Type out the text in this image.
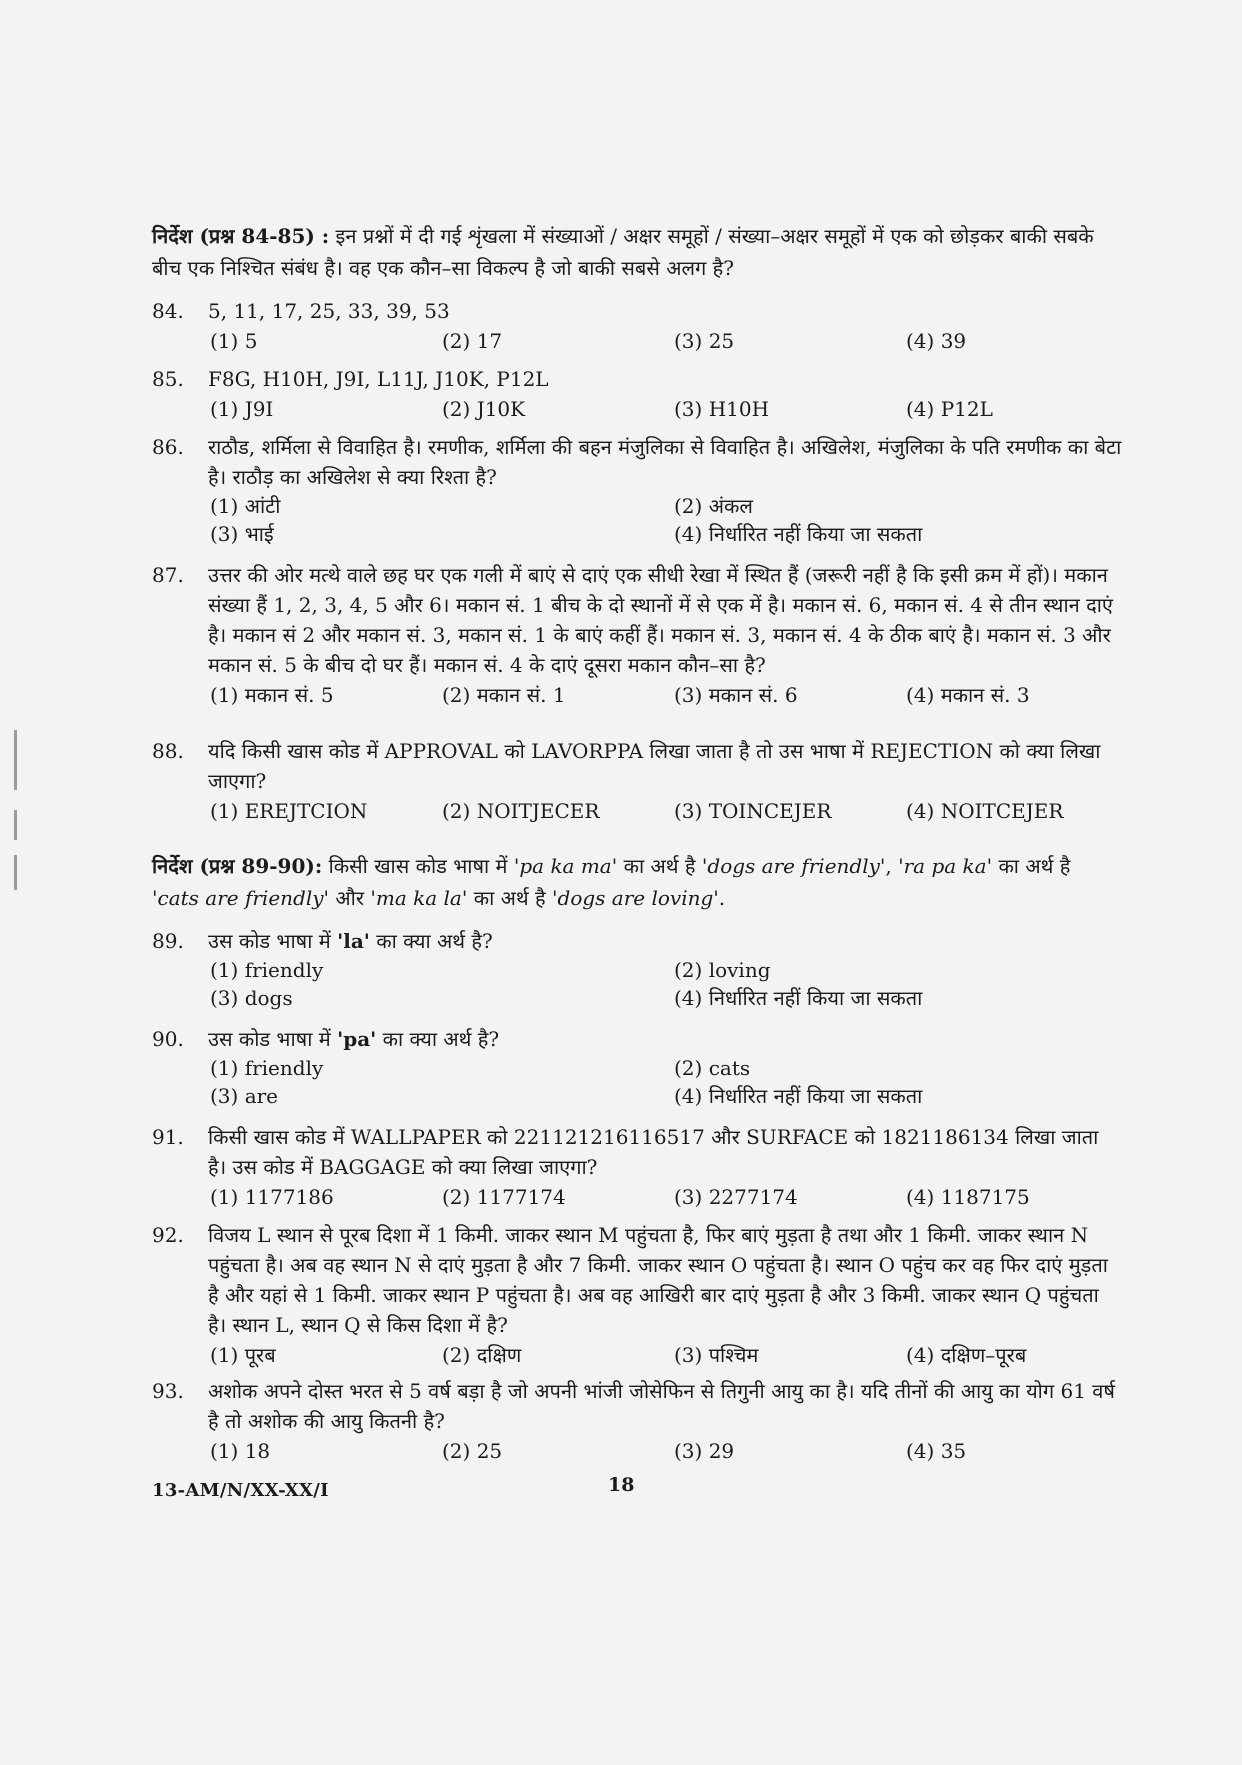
निर्देश (प्रश्न 84-85) : इन प्रश्नों में दी गई शृंखला में संख्याओं / अक्षर समूहों / संख्या–अक्षर समूहों में एक को छोड़कर बाकी सबके बीच एक निश्चित संबंध है। वह एक कौन–सा विकल्प है जो बाकी सबसे अलग है?

84. 5, 11, 17, 25, 33, 39, 53
(1) 5	(2) 17	(3) 25	(4) 39
85. F8G, H10H, J9I, L11J, J10K, P12L
(1) J9I	(2) J10K	(3) H10H	(4) P12L
86. राठौड, शर्मिला से विवाहित है। रमणीक, शर्मिला की बहन मंजुलिका से विवाहित है। अखिलेश, मंजुलिका के पति रमणीक का बेटा है। राठौड़ का अखिलेश से क्या रिश्ता है?
(1) आंटी	(2) अंकल
(3) भाई	(4) निर्धारित नहीं किया जा सकता
87. उत्तर की ओर मत्थे वाले छह घर एक गली में बाएं से दाएं एक सीधी रेखा में स्थित हैं (जरूरी नहीं है कि इसी क्रम में हों)। मकान संख्या हैं 1, 2, 3, 4, 5 और 6। मकान सं. 1 बीच के दो स्थानों में से एक में है। मकान सं. 6, मकान सं. 4 से तीन स्थान दाएं है। मकान सं 2 और मकान सं. 3, मकान सं. 1 के बाएं कहीं हैं। मकान सं. 3, मकान सं. 4 के ठीक बाएं है। मकान सं. 3 और मकान सं. 5 के बीच दो घर हैं। मकान सं. 4 के दाएं दूसरा मकान कौन–सा है?
(1) मकान सं. 5	(2) मकान सं. 1	(3) मकान सं. 6	(4) मकान सं. 3
88. यदि किसी खास कोड में APPROVAL को LAVORPPA लिखा जाता है तो उस भाषा में REJECTION को क्या लिखा जाएगा?
(1) EREJTCION	(2) NOITJECER	(3) TOINCEJER	(4) NOITCEJER

निर्देश (प्रश्न 89-90): किसी खास कोड भाषा में 'pa ka ma' का अर्थ है 'dogs are friendly', 'ra pa ka' का अर्थ है 'cats are friendly' और 'ma ka la' का अर्थ है 'dogs are loving'.

89. उस कोड भाषा में 'la' का क्या अर्थ है?
(1) friendly	(2) loving
(3) dogs	(4) निर्धारित नहीं किया जा सकता
90. उस कोड भाषा में 'pa' का क्या अर्थ है?
(1) friendly	(2) cats
(3) are	(4) निर्धारित नहीं किया जा सकता
91. किसी खास कोड में WALLPAPER को 221121216116517 और SURFACE को 1821186134 लिखा जाता है। उस कोड में BAGGAGE को क्या लिखा जाएगा?
(1) 1177186	(2) 1177174	(3) 2277174	(4) 1187175
92. विजय L स्थान से पूरब दिशा में 1 किमी. जाकर स्थान M पहुंचता है, फिर बाएं मुड़ता है तथा और 1 किमी. जाकर स्थान N पहुंचता है। अब वह स्थान N से दाएं मुड़ता है और 7 किमी. जाकर स्थान O पहुंचता है। स्थान O पहुंच कर वह फिर दाएं मुड़ता है और यहां से 1 किमी. जाकर स्थान P पहुंचता है। अब वह आखिरी बार दाएं मुड़ता है और 3 किमी. जाकर स्थान Q पहुंचता है। स्थान L, स्थान Q से किस दिशा में है?
(1) पूरब	(2) दक्षिण	(3) पश्चिम	(4) दक्षिण–पूरब
93. अशोक अपने दोस्त भरत से 5 वर्ष बड़ा है जो अपनी भांजी जोसेफिन से तिगुनी आयु का है। यदि तीनों की आयु का योग 61 वर्ष है तो अशोक की आयु कितनी है?
(1) 18	(2) 25	(3) 29	(4) 35
13-AM/N/XX-XX/I	18
